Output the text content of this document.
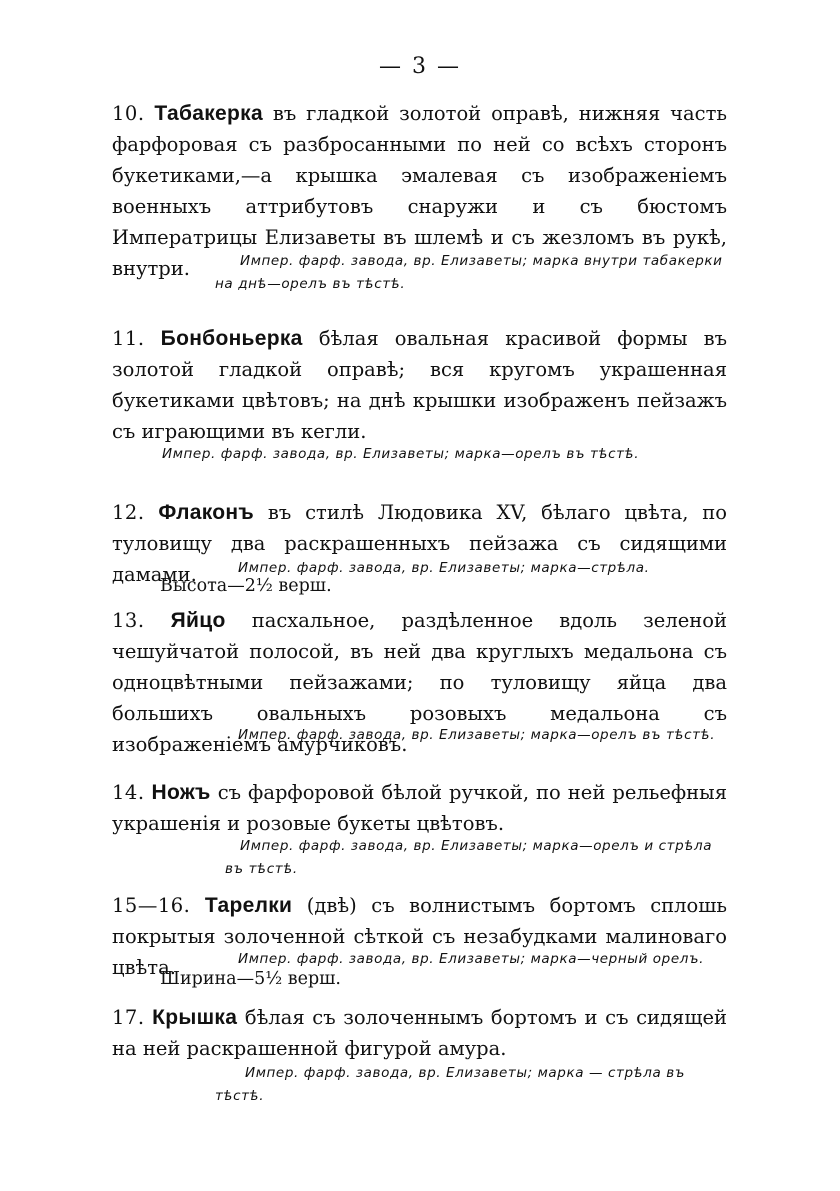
— 3 —
10. Табакерка въ гладкой золотой оправѣ, нижняя часть фарфоровая съ разбросанными по ней со всѣхъ сторонъ букетиками,—а крышка эмалевая съ изображеніемъ военныхъ аттрибутовъ снаружи и съ бюстомъ Императрицы Елизаветы въ шлемѣ и съ жезломъ въ рукѣ, внутри.	Импер. фарф. завода, вр. Елизаветы; марка внутри табакерки на днѣ—орелъ въ тѣстѣ.
11. Бонбоньерка бѣлая овальная красивой формы въ золотой гладкой оправѣ; вся кругомъ украшенная букетиками цвѣтовъ; на днѣ крышки изображенъ пейзажъ съ играющими въ кегли.
Импер. фарф. завода, вр. Елизаветы; марка—орелъ въ тѣстѣ.
12. Флаконъ въ стилѣ Людовика XV, бѣлаго цвѣта, по туловищу два раскрашенныхъ пейзажа съ сидящими дамами.	Импер. фарф. завода, вр. Елизаветы; марка—стрѣла.
Высота—2½ верш.
13. Яйцо пасхальное, раздѣленное вдоль зеленой чешуйчатой полосой, въ ней два круглыхъ медальона съ одноцвѣтными пейзажами; по туловищу яйца два большихъ овальныхъ розовыхъ медальона съ изображеніемъ амурчиковъ.
Импер. фарф. завода, вр. Елизаветы; марка—орелъ въ тѣстѣ.
14. Ножъ съ фарфоровой бѣлой ручкой, по ней рельефныя украшенія и розовые букеты цвѣтовъ.
Импер. фарф. завода, вр. Елизаветы; марка—орелъ и стрѣла въ тѣстѣ.
15—16. Тарелки (двѣ) съ волнистымъ бортомъ сплошь покрытыя золоченной сѣткой съ незабудками малиноваго цвѣта.	Импер. фарф. завода, вр. Елизаветы; марка—черный орелъ.
Ширина—5½ верш.
17. Крышка бѣлая съ золоченнымъ бортомъ и съ сидящей на ней раскрашенной фигурой амура.
Импер. фарф. завода, вр. Елизаветы; марка — стрѣла въ тѣстѣ.
